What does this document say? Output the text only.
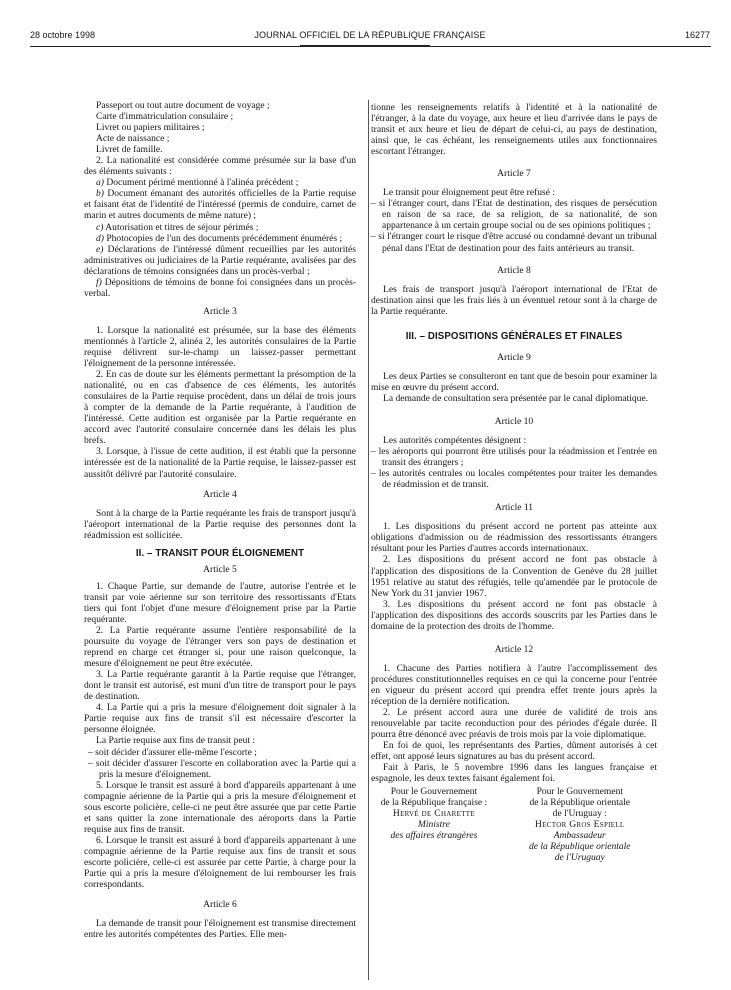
28 octobre 1998	JOURNAL OFFICIEL DE LA RÉPUBLIQUE FRANÇAISE	16277

Passeport ou tout autre document de voyage ;

Carte d'immatriculation consulaire ;

Livret ou papiers militaires ;

Acte de naissance ;

Livret de famille.

2. La nationalité est considérée comme présumée sur la base d'un des éléments suivants :

a) Document périmé mentionné à l'alinéa précédent ;

b) Document émanant des autorités officielles de la Partie requise et faisant état de l'identité de l'intéressé (permis de conduire, carnet de marin et autres documents de même nature) ;

c) Autorisation et titres de séjour périmés ;

d) Photocopies de l'un des documents précédemment énumérés ;

e) Déclarations de l'intéressé dûment recueillies par les autorités administratives ou judiciaires de la Partie requérante, avalisées par des déclarations de témoins consignées dans un procès-verbal ;

f) Dépositions de témoins de bonne foi consignées dans un procès-verbal.

Article 3

1. Lorsque la nationalité est présumée, sur la base des éléments mentionnés à l'article 2, alinéa 2, les autorités consulaires de la Partie requise délivrent sur-le-champ un laissez-passer permettant l'éloignement de la personne intéressée.

2. En cas de doute sur les éléments permettant la présomption de la nationalité, ou en cas d'absence de ces éléments, les autorités consulaires de la Partie requise procèdent, dans un délai de trois jours à compter de la demande de la Partie requérante, à l'audition de l'intéressé. Cette audition est organisée par la Partie requérante en accord avec l'autorité consulaire concernée dans les délais les plus brefs.

3. Lorsque, à l'issue de cette audition, il est établi que la personne intéressée est de la nationalité de la Partie requise, le laissez-passer est aussitôt délivré par l'autorité consulaire.

Article 4

Sont à la charge de la Partie requérante les frais de transport jusqu'à l'aéroport international de la Partie requise des personnes dont la réadmission est sollicitée.

II. – TRANSIT POUR ÉLOIGNEMENT
Article 5

1. Chaque Partie, sur demande de l'autre, autorise l'entrée et le transit par voie aérienne sur son territoire des ressortissants d'Etats tiers qui font l'objet d'une mesure d'éloignement prise par la Partie requérante.

2. La Partie requérante assume l'entière responsabilité de la poursuite du voyage de l'étranger vers son pays de destination et reprend en charge cet étranger si, pour une raison quelconque, la mesure d'éloignement ne peut être exécutée.

3. La Partie requérante garantit à la Partie requise que l'étranger, dont le transit est autorisé, est muni d'un titre de transport pour le pays de destination.

4. La Partie qui a pris la mesure d'éloignement doit signaler à la Partie requise aux fins de transit s'il est nécessaire d'escorter la personne éloignée.

La Partie requise aux fins de transit peut :

– soit décider d'assurer elle-même l'escorte ;

– soit décider d'assurer l'escorte en collaboration avec la Partie qui a pris la mesure d'éloignement.

5. Lorsque le transit est assuré à bord d'appareils appartenant à une compagnie aérienne de la Partie qui a pris la mesure d'éloignement et sous escorte policière, celle-ci ne peut être assurée que par cette Partie et sans quitter la zone internationale des aéroports dans la Partie requise aux fins de transit.

6. Lorsque le transit est assuré à bord d'appareils appartenant à une compagnie aérienne de la Partie requise aux fins de transit et sous escorte policière, celle-ci est assurée par cette Partie, à charge pour la Partie qui a pris la mesure d'éloignement de lui rembourser les frais correspondants.

Article 6

La demande de transit pour l'éloignement est transmise directement entre les autorités compétentes des Parties. Elle men-

tionne les renseignements relatifs à l'identité et à la nationalité de l'étranger, à la date du voyage, aux heure et lieu d'arrivée dans le pays de transit et aux heure et lieu de départ de celui-ci, au pays de destination, ainsi que, le cas échéant, les renseignements utiles aux fonctionnaires escortant l'étranger.

Article 7

Le transit pour éloignement peut être refusé :

– si l'étranger court, dans l'Etat de destination, des risques de persécution en raison de sa race, de sa religion, de sa nationalité, de son appartenance à un certain groupe social ou de ses opinions politiques ;

– si l'étranger court le risque d'être accusé ou condamné devant un tribunal pénal dans l'Etat de destination pour des faits antérieurs au transit.

Article 8

Les frais de transport jusqu'à l'aéroport international de l'Etat de destination ainsi que les frais liés à un éventuel retour sont à la charge de la Partie requérante.

III. – DISPOSITIONS GÉNÉRALES ET FINALES
Article 9

Les deux Parties se consulteront en tant que de besoin pour examiner la mise en œuvre du présent accord.

La demande de consultation sera présentée par le canal diplomatique.

Article 10

Les autorités compétentes désignent :

– les aéroports qui pourront être utilisés pour la réadmission et l'entrée en transit des étrangers ;

– les autorités centrales ou locales compétentes pour traiter les demandes de réadmission et de transit.

Article 11

1. Les dispositions du présent accord ne portent pas atteinte aux obligations d'admission ou de réadmission des ressortissants étrangers résultant pour les Parties d'autres accords internationaux.

2. Les dispositions du présent accord ne font pas obstacle à l'application des dispositions de la Convention de Genève du 28 juillet 1951 relative au statut des réfugiés, telle qu'amendée par le protocole de New York du 31 janvier 1967.

3. Les dispositions du présent accord ne font pas obstacle à l'application des dispositions des accords souscrits par les Parties dans le domaine de la protection des droits de l'homme.

Article 12

1. Chacune des Parties notifiera à l'autre l'accomplissement des procédures constitutionnelles requises en ce qui la concerne pour l'entrée en vigueur du présent accord qui prendra effet trente jours après la réception de la dernière notification.

2. Le présent accord aura une durée de validité de trois ans renouvelable par tacite reconduction pour des périodes d'égale durée. Il pourra être dénoncé avec préavis de trois mois par la voie diplomatique.

En foi de quoi, les représentants des Parties, dûment autorisés à cet effet, ont apposé leurs signatures au bas du présent accord.

Fait à Paris, le 5 novembre 1996 dans les langues française et espagnole, les deux textes faisant également foi.

Pour le Gouvernement
de la République française :
Hervé de Charette
Ministre
des affaires étrangères
Pour le Gouvernement
de la République orientale
de l'Uruguay :
Hector Gros Espiell
Ambassadeur
de la République orientale
de l'Uruguay
